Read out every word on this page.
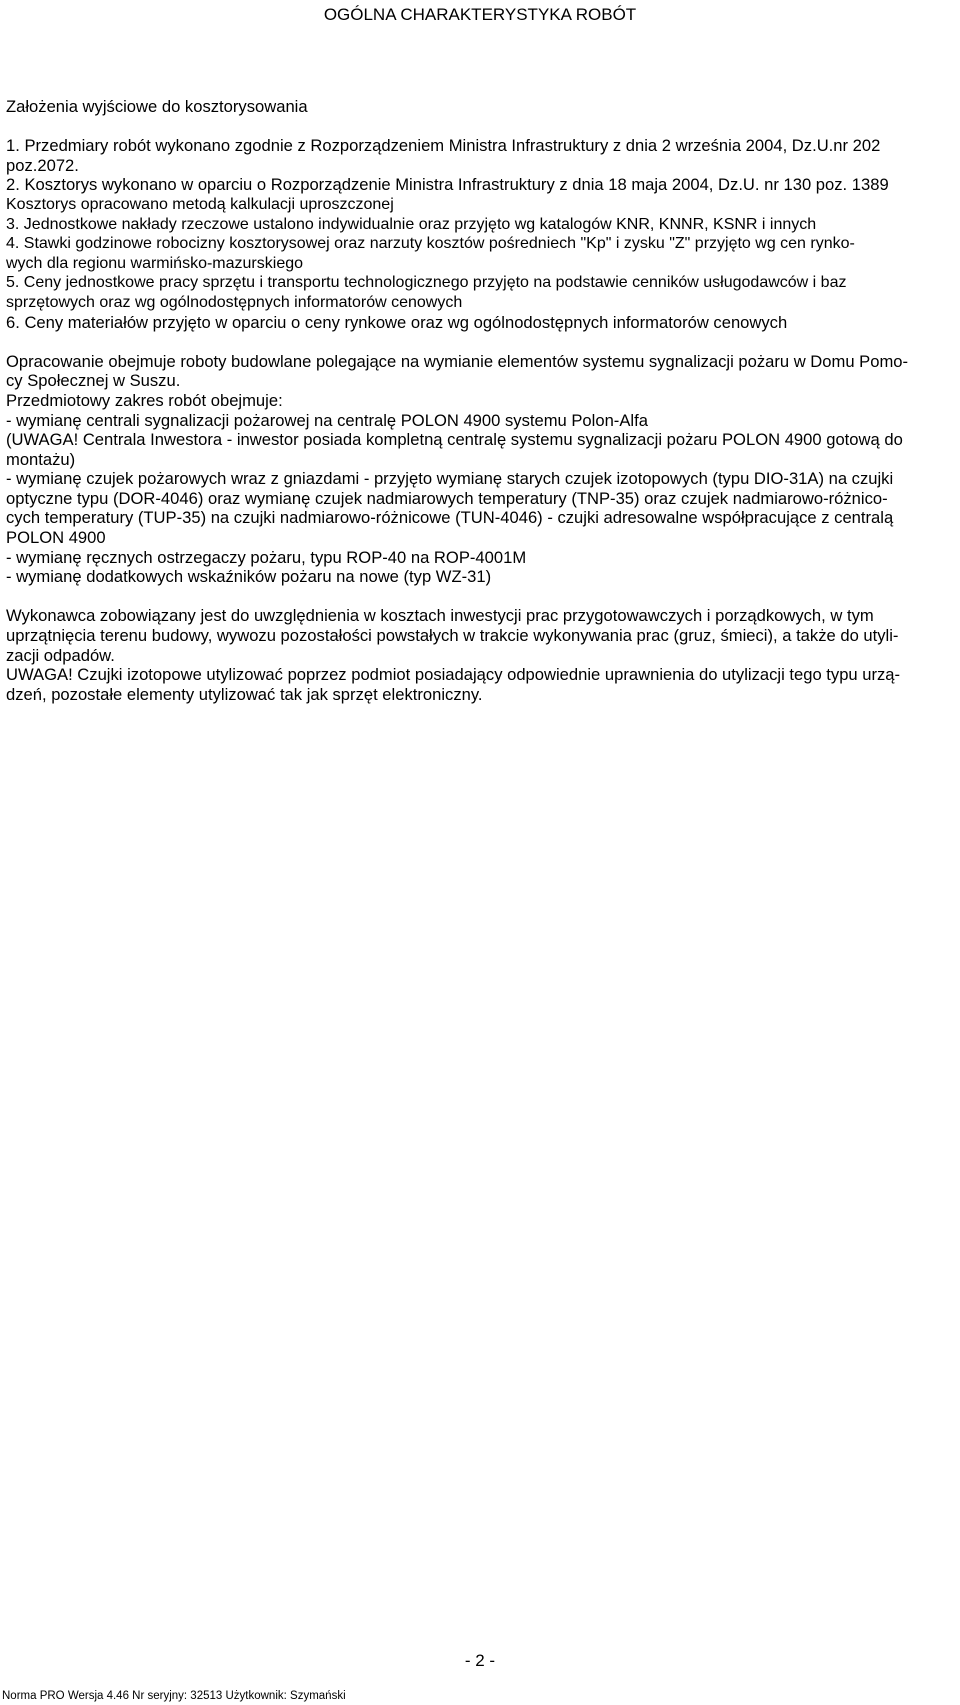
OGÓLNA CHARAKTERYSTYKA ROBÓT
Założenia wyjściowe do kosztorysowania
1. Przedmiary robót wykonano zgodnie z Rozporządzeniem Ministra Infrastruktury z dnia 2 września 2004, Dz.U.nr 202
poz.2072.
2. Kosztorys wykonano w oparciu o Rozporządzenie Ministra Infrastruktury z dnia 18 maja 2004, Dz.U. nr 130 poz. 1389
Kosztorys opracowano metodą kalkulacji uproszczonej
3. Jednostkowe nakłady rzeczowe ustalono indywidualnie oraz przyjęto wg katalogów KNR, KNNR, KSNR i innych
4. Stawki godzinowe robocizny kosztorysowej oraz narzuty kosztów pośredniech "Kp" i zysku "Z" przyjęto wg cen rynko-
wych dla regionu warmińsko-mazurskiego
5. Ceny jednostkowe pracy sprzętu i transportu technologicznego przyjęto na podstawie cenników usługodawców i baz
sprzętowych oraz wg ogólnodostępnych informatorów cenowych
6. Ceny materiałów przyjęto w oparciu o ceny rynkowe oraz wg ogólnodostępnych informatorów cenowych
Opracowanie obejmuje roboty budowlane polegające na wymianie elementów systemu sygnalizacji pożaru w Domu Pomo-
cy Społecznej w Suszu.
Przedmiotowy zakres robót obejmuje:
- wymianę centrali sygnalizacji pożarowej na centralę POLON 4900 systemu Polon-Alfa
(UWAGA! Centrala Inwestora - inwestor posiada kompletną centralę systemu sygnalizacji pożaru POLON 4900 gotową do
montażu)
- wymianę czujek pożarowych wraz z gniazdami - przyjęto wymianę starych czujek izotopowych (typu DIO-31A) na czujki
optyczne typu (DOR-4046) oraz wymianę czujek nadmiarowych temperatury (TNP-35) oraz czujek nadmiarowo-różnico-
cych temperatury (TUP-35) na czujki nadmiarowo-różnicowe (TUN-4046) - czujki adresowalne współpracujące z centralą
POLON 4900
- wymianę ręcznych ostrzegaczy pożaru, typu ROP-40 na ROP-4001M
- wymianę dodatkowych wskaźników pożaru na nowe (typ WZ-31)
Wykonawca zobowiązany jest do uwzględnienia w kosztach inwestycji prac przygotowawczych i porządkowych, w tym
uprzątnięcia terenu budowy, wywozu pozostałości powstałych w trakcie wykonywania prac (gruz, śmieci), a także do utyli-
zacji odpadów.
UWAGA! Czujki izotopowe utylizować poprzez podmiot posiadający odpowiednie uprawnienia do utylizacji tego typu urzą-
dzeń, pozostałe elementy utylizować tak jak sprzęt elektroniczny.
- 2 -
Norma PRO Wersja 4.46 Nr seryjny: 32513 Użytkownik: Szymański
